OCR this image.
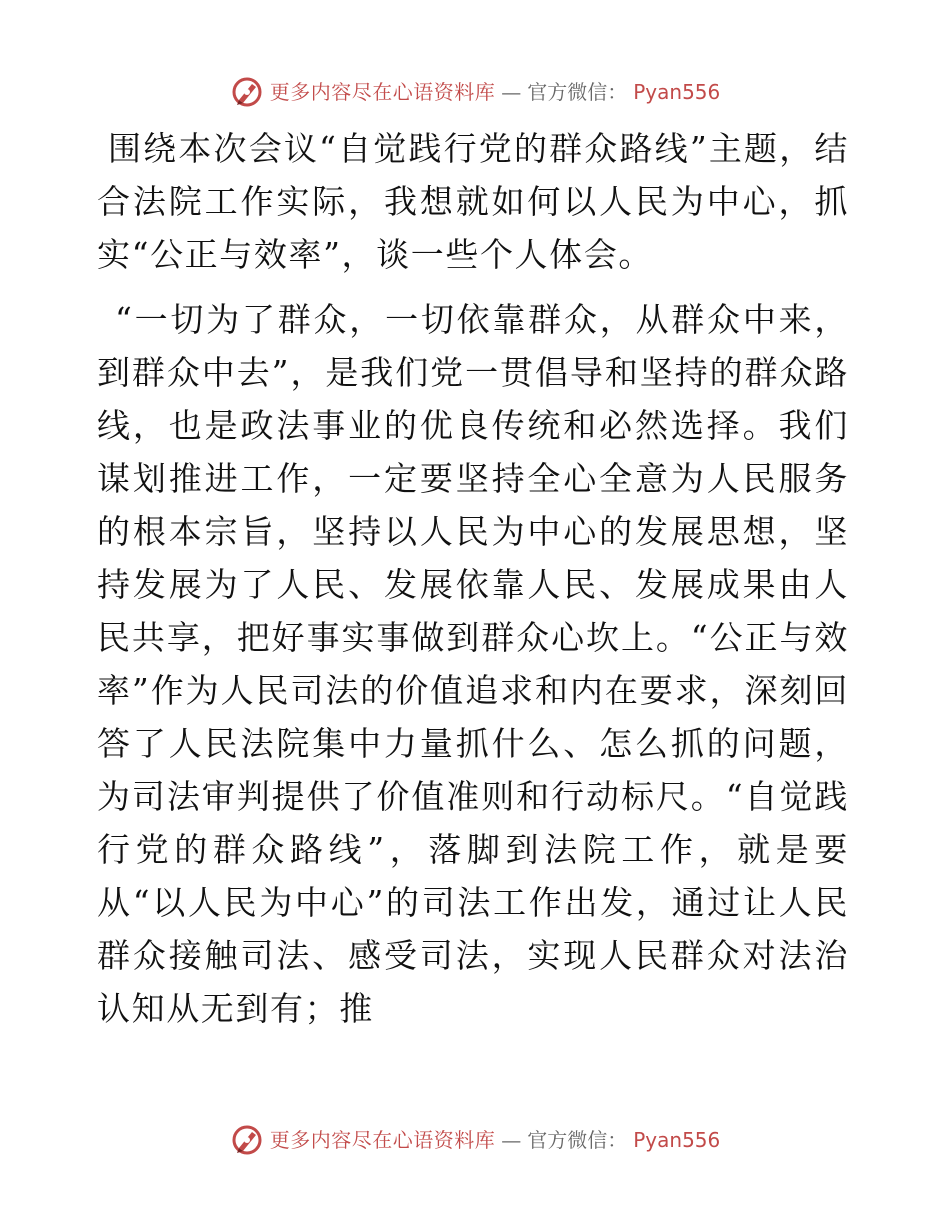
更多内容尽在心语资料库 — 官方微信： Pyan556

围绕本次会议“自觉践行党的群众路线”主题，结合法院工作实际，我想就如何以人民为中心，抓实“公正与效率”，谈一些个人体会。

“一切为了群众，一切依靠群众，从群众中来，到群众中去”，是我们党一贯倡导和坚持的群众路线，也是政法事业的优良传统和必然选择。我们谋划推进工作，一定要坚持全心全意为人民服务的根本宗旨，坚持以人民为中心的发展思想，坚持发展为了人民、发展依靠人民、发展成果由人民共享，把好事实事做到群众心坎上。“公正与效率”作为人民司法的价值追求和内在要求，深刻回答了人民法院集中力量抓什么、怎么抓的问题，为司法审判提供了价值准则和行动标尺。“自觉践行党的群众路线”，落脚到法院工作，就是要从“以人民为中心”的司法工作出发，通过让人民群众接触司法、感受司法，实现人民群众对法治认知从无到有；推

更多内容尽在心语资料库 — 官方微信： Pyan556
